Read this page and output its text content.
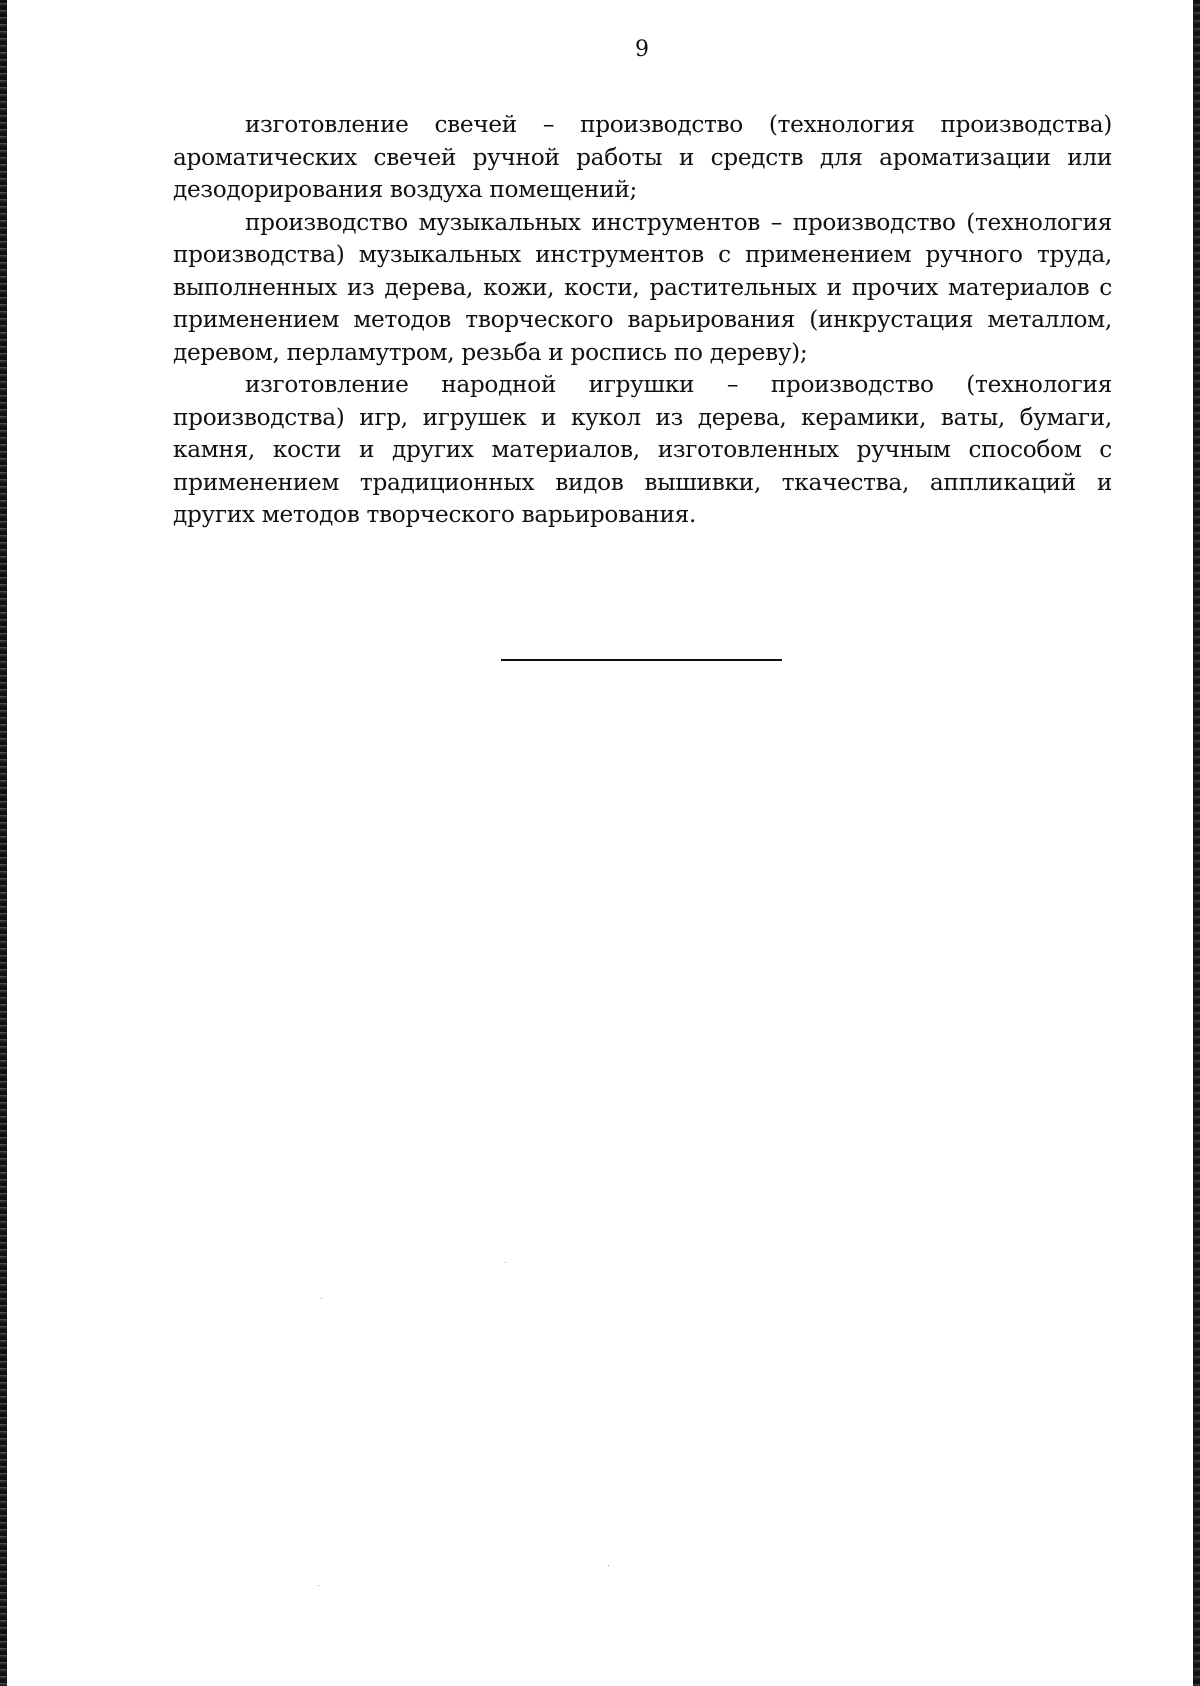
9

изготовление свечей – производство (технология производства) ароматических свечей ручной работы и средств для ароматизации или дезодорирования воздуха помещений;

производство музыкальных инструментов – производство (технология производства) музыкальных инструментов с применением ручного труда, выполненных из дерева, кожи, кости, растительных и прочих материалов с применением методов творческого варьирования (инкрустация металлом, деревом, перламутром, резьба и роспись по дереву);

изготовление народной игрушки – производство (технология производства) игр, игрушек и кукол из дерева, керамики, ваты, бумаги, камня, кости и других материалов, изготовленных ручным способом с применением традиционных видов вышивки, ткачества, аппликаций и других методов творческого варьирования.
